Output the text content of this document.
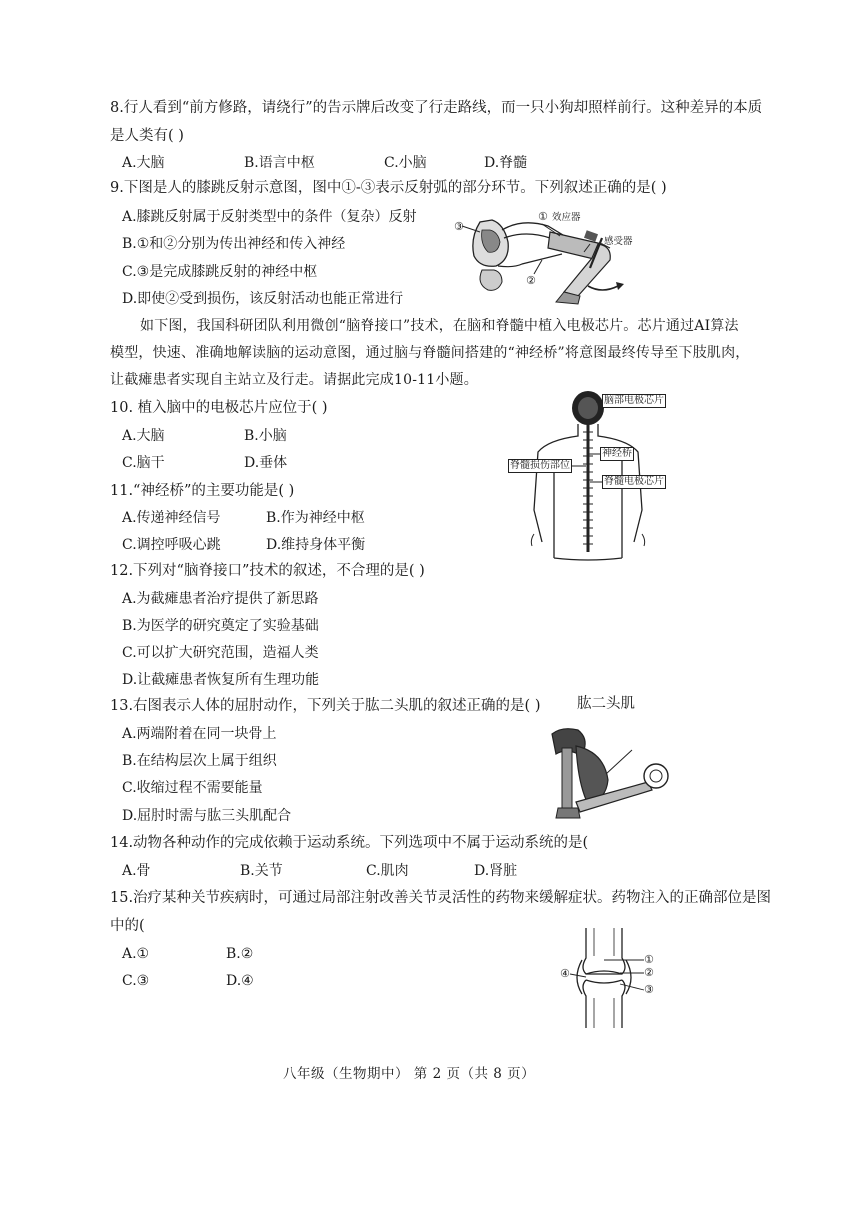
8.行人看到“前方修路，请绕行”的告示牌后改变了行走路线，而一只小狗却照样前行。这种差异的本质
是人类有( )
A.大脑	B.语言中枢	C.小脑	D.脊髓
9.下图是人的膝跳反射示意图，图中①-③表示反射弧的部分环节。下列叙述正确的是( )
A.膝跳反射属于反射类型中的条件（复杂）反射
B.①和②分别为传出神经和传入神经
C.③是完成膝跳反射的神经中枢
D.即使②受到损伤，该反射活动也能正常进行
③
① 效应器
感受器
②
如下图，我国科研团队利用微创“脑脊接口”技术，在脑和脊髓中植入电极芯片。芯片通过AI算法
模型，快速、准确地解读脑的运动意图，通过脑与脊髓间搭建的“神经桥”将意图最终传导至下肢肌肉，
让截瘫患者实现自主站立及行走。请据此完成10-11小题。
10. 植入脑中的电极芯片应位于( )
A.大脑	B.小脑
C.脑干	D.垂体
11.“神经桥”的主要功能是( )
A.传递神经信号	B.作为神经中枢
C.调控呼吸心跳	D.维持身体平衡
脑部电极芯片
神经桥
脊髓损伤部位
脊髓电极芯片
12.下列对“脑脊接口”技术的叙述，不合理的是( )
A.为截瘫患者治疗提供了新思路
B.为医学的研究奠定了实验基础
C.可以扩大研究范围，造福人类
D.让截瘫患者恢复所有生理功能
13.右图表示人体的屈肘动作，下列关于肱二头肌的叙述正确的是( )	肱二头肌
A.两端附着在同一块骨上
B.在结构层次上属于组织
C.收缩过程不需要能量
D.屈肘时需与肱三头肌配合
14.动物各种动作的完成依赖于运动系统。下列选项中不属于运动系统的是(
A.骨	B.关节	C.肌肉	D.肾脏
15.治疗某种关节疾病时，可通过局部注射改善关节灵活性的药物来缓解症状。药物注入的正确部位是图
中的(
A.①	B.②
C.③	D.④
①
②
③
④
八年级（生物期中） 第 2 页（共 8 页）
